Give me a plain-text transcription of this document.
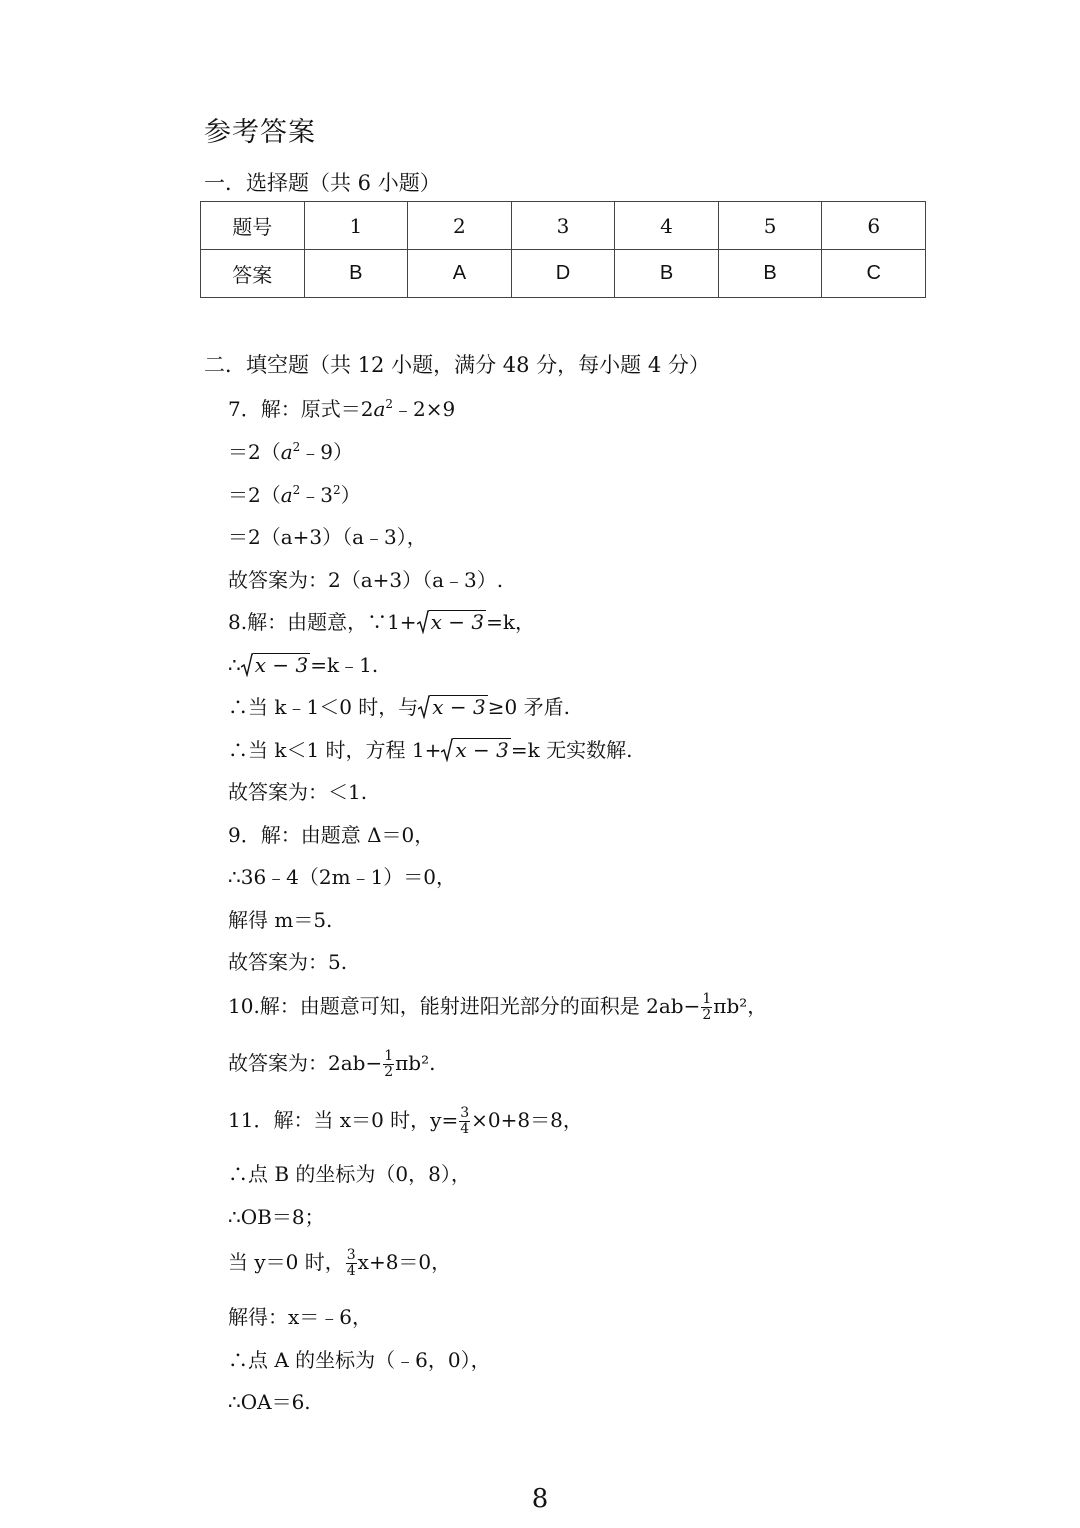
参考答案
一．选择题（共 6 小题）
题号	1	2	3	4	5	6
答案	B	A	D	B	B	C
二．填空题（共 12 小题，满分 48 分，每小题 4 分）
7．解：原式$=2a^2﹣2\times 9$
$=2(a^2﹣9)$
$=2(a^2﹣3^2)$
＝2（a+3）（a﹣3），
故答案为：2（a+3）（a﹣3）.
8.解：由题意，∵1+ x − 3 =k，
∴ x − 3 =k﹣1.
∴当 k﹣1＜0 时，与 x − 3 ≥0 矛盾.
∴当 k＜1 时，方程 1+ x − 3 =k 无实数解.
故答案为：＜1.
9．解：由题意 Δ＝0，
∴36﹣4（2m﹣1）＝0，
解得 m＝5.
故答案为：5.
10.解：由题意可知，能射进阳光部分的面积是 $2ab- \frac{1}{2} \pi b^2$，
故答案为：$2ab- \frac{1}{2} \pi b^2$.
11．解：当 x＝0 时，$y= \frac{3}{4} \times 0+8=8$，
∴点 B 的坐标为（0，8），
∴OB＝8；
当 y＝0 时， $\frac{3}{4} x+8=0$，
解得：x＝﹣6，
∴点 A 的坐标为（﹣6，0），
∴OA＝6.
8
